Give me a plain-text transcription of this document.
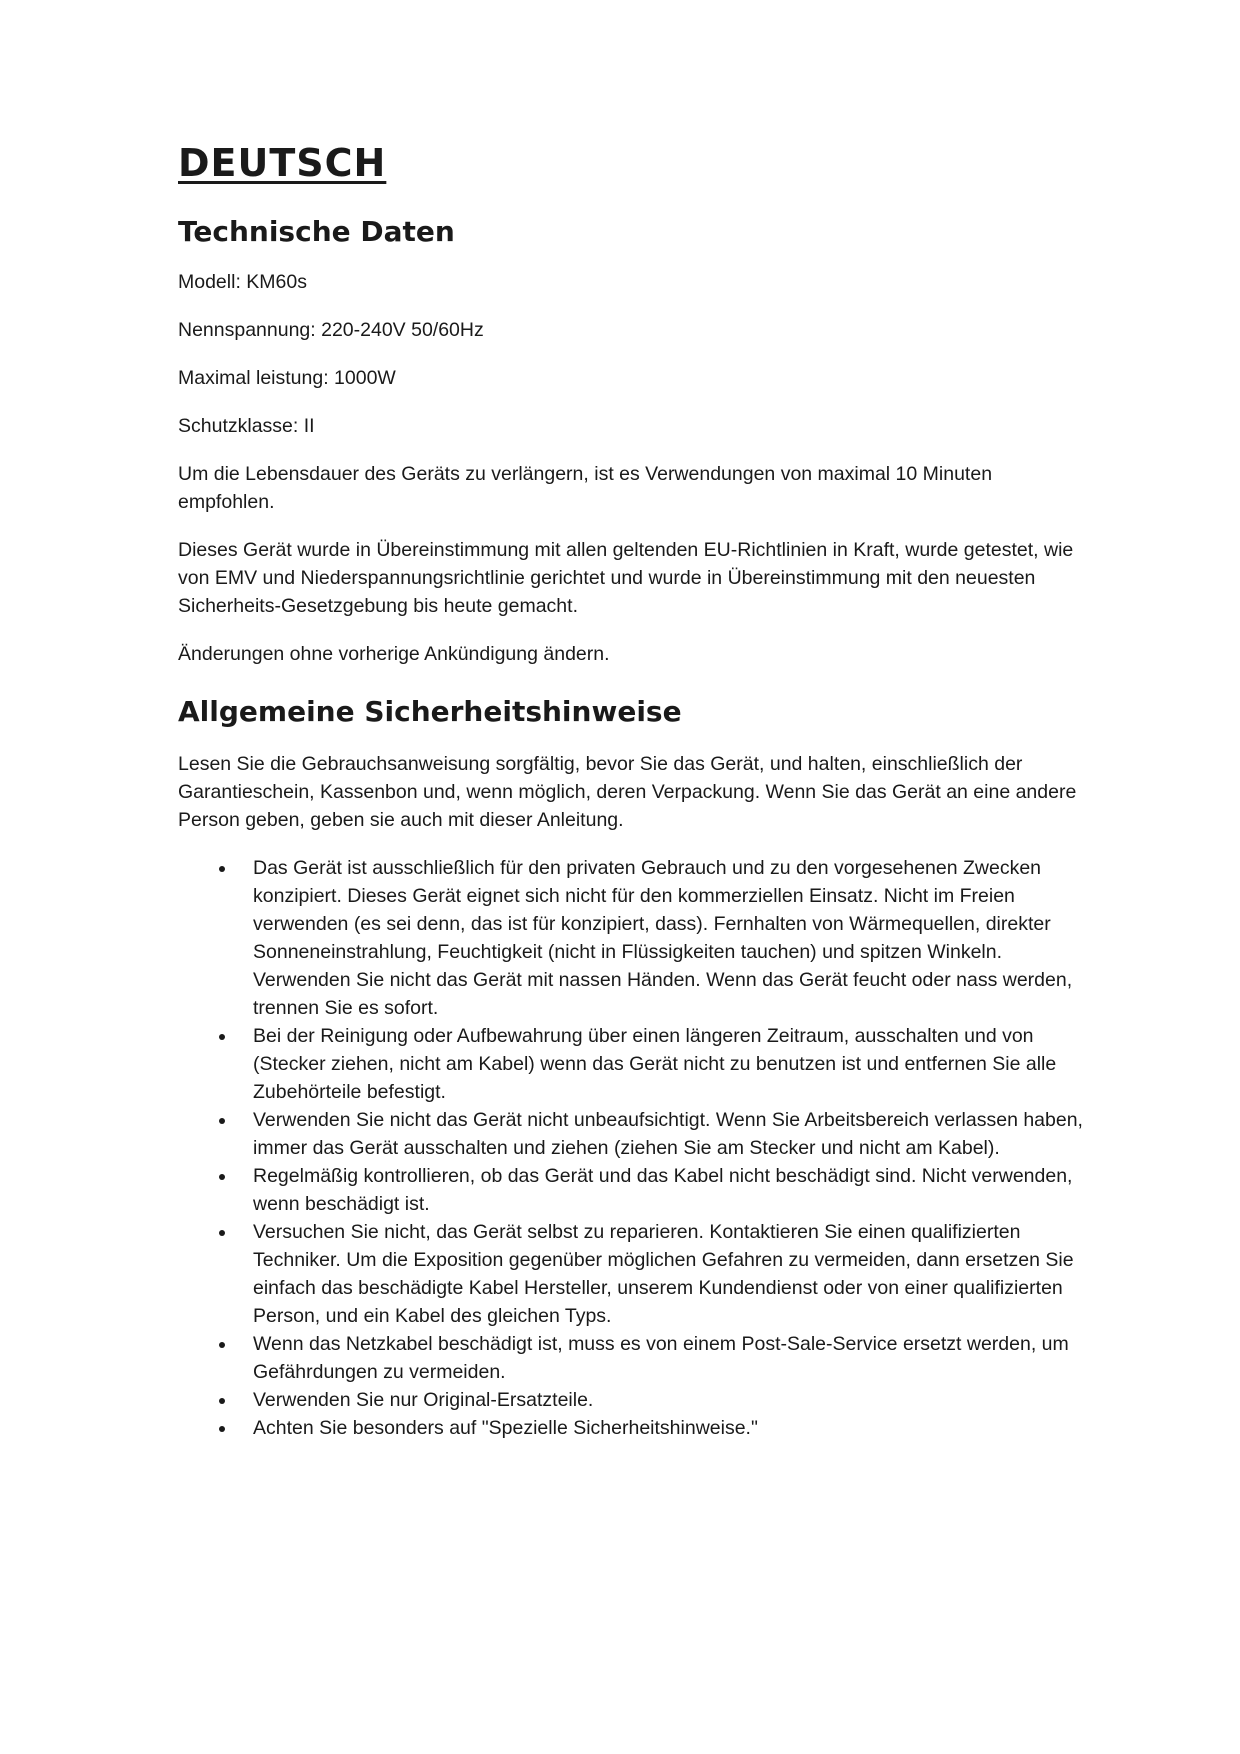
DEUTSCH
Technische Daten

Modell: KM60s

Nennspannung: 220-240V 50/60Hz

Maximal leistung: 1000W

Schutzklasse: II

Um die Lebensdauer des Geräts zu verlängern, ist es Verwendungen von maximal 10 Minuten empfohlen.

Dieses Gerät wurde in Übereinstimmung mit allen geltenden EU-Richtlinien in Kraft, wurde getestet, wie von EMV und Niederspannungsrichtlinie gerichtet und wurde in Übereinstimmung mit den neuesten Sicherheits-Gesetzgebung bis heute gemacht.

Änderungen ohne vorherige Ankündigung ändern.

Allgemeine Sicherheitshinweise

Lesen Sie die Gebrauchsanweisung sorgfältig, bevor Sie das Gerät, und halten, einschließlich der Garantieschein, Kassenbon und, wenn möglich, deren Verpackung. Wenn Sie das Gerät an eine andere Person geben, geben sie auch mit dieser Anleitung.

Das Gerät ist ausschließlich für den privaten Gebrauch und zu den vorgesehenen Zwecken konzipiert. Dieses Gerät eignet sich nicht für den kommerziellen Einsatz. Nicht im Freien verwenden (es sei denn, das ist für konzipiert, dass). Fernhalten von Wärmequellen, direkter Sonneneinstrahlung, Feuchtigkeit (nicht in Flüssigkeiten tauchen) und spitzen Winkeln. Verwenden Sie nicht das Gerät mit nassen Händen. Wenn das Gerät feucht oder nass werden, trennen Sie es sofort.
Bei der Reinigung oder Aufbewahrung über einen längeren Zeitraum, ausschalten und von (Stecker ziehen, nicht am Kabel) wenn das Gerät nicht zu benutzen ist und entfernen Sie alle Zubehörteile befestigt.
Verwenden Sie nicht das Gerät nicht unbeaufsichtigt. Wenn Sie Arbeitsbereich verlassen haben, immer das Gerät ausschalten und ziehen (ziehen Sie am Stecker und nicht am Kabel).
Regelmäßig kontrollieren, ob das Gerät und das Kabel nicht beschädigt sind. Nicht verwenden, wenn beschädigt ist.
Versuchen Sie nicht, das Gerät selbst zu reparieren. Kontaktieren Sie einen qualifizierten Techniker. Um die Exposition gegenüber möglichen Gefahren zu vermeiden, dann ersetzen Sie einfach das beschädigte Kabel Hersteller, unserem Kundendienst oder von einer qualifizierten Person, und ein Kabel des gleichen Typs.
Wenn das Netzkabel beschädigt ist, muss es von einem Post-Sale-Service ersetzt werden, um Gefährdungen zu vermeiden.
Verwenden Sie nur Original-Ersatzteile.
Achten Sie besonders auf "Spezielle Sicherheitshinweise."
